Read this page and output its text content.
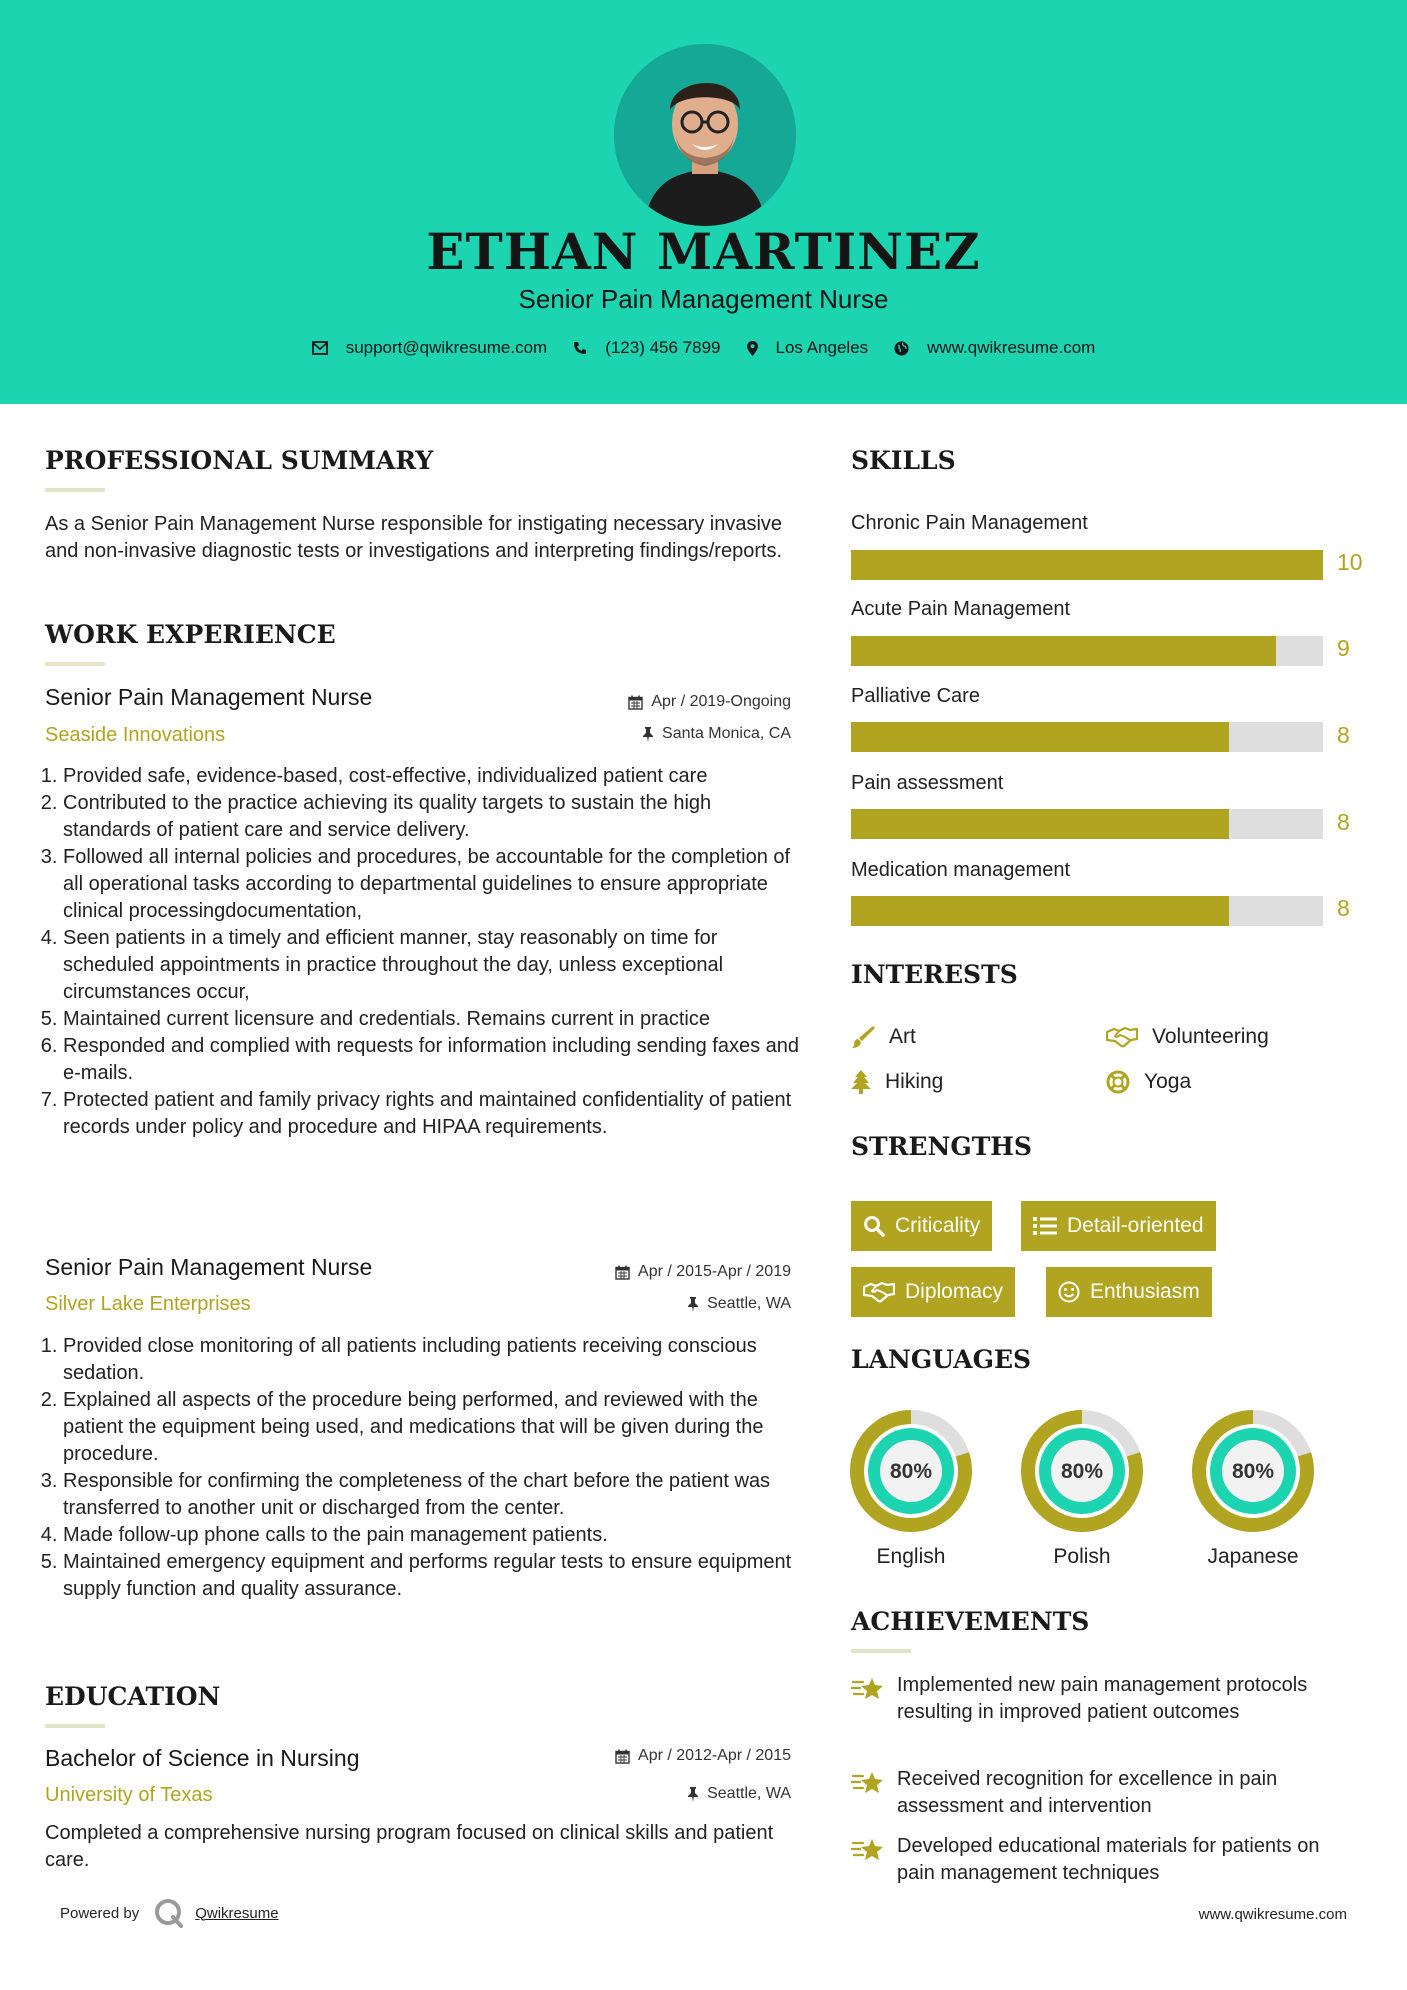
ETHAN MARTINEZ
Senior Pain Management Nurse
support@qwikresume.com	(123) 456 7899	Los Angeles	www.qwikresume.com
PROFESSIONAL SUMMARY
As a Senior Pain Management Nurse responsible for instigating necessary invasive and non-invasive diagnostic tests or investigations and interpreting findings/reports.
WORK EXPERIENCE
Senior Pain Management Nurse	Apr / 2019-Ongoing
Seaside Innovations	Santa Monica, CA
1. Provided safe, evidence-based, cost-effective, individualized patient care
2. Contributed to the practice achieving its quality targets to sustain the high standards of patient care and service delivery.
3. Followed all internal policies and procedures, be accountable for the completion of all operational tasks according to departmental guidelines to ensure appropriate clinical processingdocumentation,
4. Seen patients in a timely and efficient manner, stay reasonably on time for scheduled appointments in practice throughout the day, unless exceptional circumstances occur,
5. Maintained current licensure and credentials. Remains current in practice
6. Responded and complied with requests for information including sending faxes and e-mails.
7. Protected patient and family privacy rights and maintained confidentiality of patient records under policy and procedure and HIPAA requirements.
Senior Pain Management Nurse	Apr / 2015-Apr / 2019
Silver Lake Enterprises	Seattle, WA
1. Provided close monitoring of all patients including patients receiving conscious sedation.
2. Explained all aspects of the procedure being performed, and reviewed with the patient the equipment being used, and medications that will be given during the procedure.
3. Responsible for confirming the completeness of the chart before the patient was transferred to another unit or discharged from the center.
4. Made follow-up phone calls to the pain management patients.
5. Maintained emergency equipment and performs regular tests to ensure equipment supply function and quality assurance.
EDUCATION
Bachelor of Science in Nursing	Apr / 2012-Apr / 2015
University of Texas	Seattle, WA
Completed a comprehensive nursing program focused on clinical skills and patient care.
SKILLS
Chronic Pain Management
10
Acute Pain Management
9
Palliative Care
8
Pain assessment
8
Medication management
8
INTERESTS
Art	Volunteering
Hiking	Yoga
STRENGTHS
Criticality	Detail-oriented
Diplomacy	Enthusiasm
LANGUAGES
80%
English
80%
Polish
80%
Japanese
ACHIEVEMENTS
Implemented new pain management protocols resulting in improved patient outcomes
Received recognition for excellence in pain assessment and intervention
Developed educational materials for patients on pain management techniques
Powered by	Qwikresume	www.qwikresume.com
